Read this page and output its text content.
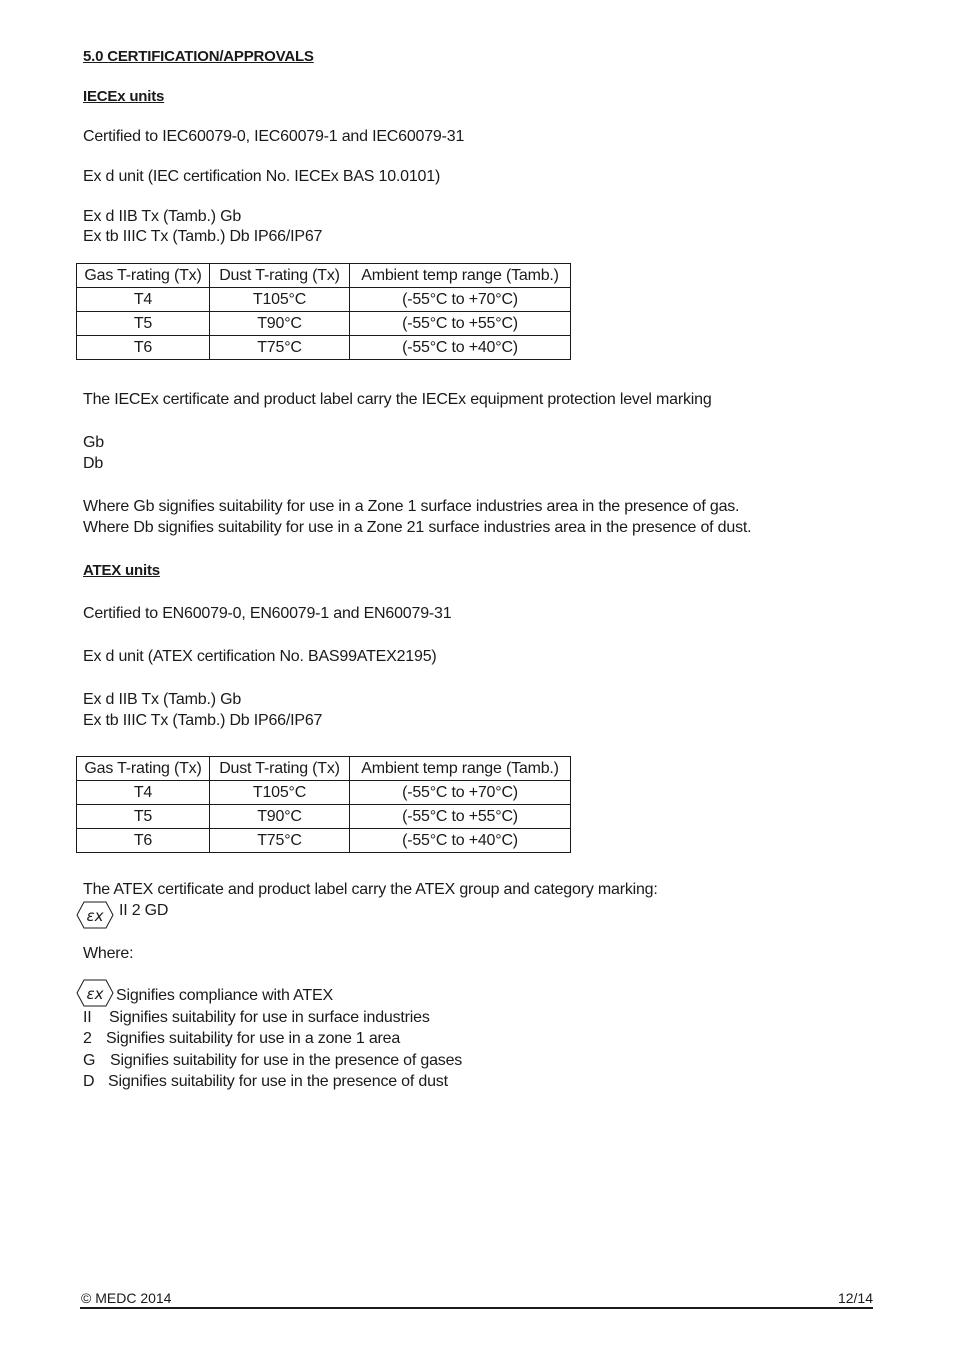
5.0 CERTIFICATION/APPROVALS
IECEx units
Certified to IEC60079-0, IEC60079-1 and IEC60079-31
Ex d unit (IEC certification No. IECEx BAS 10.0101)
Ex d IIB Tx (Tamb.) Gb
Ex tb IIIC Tx (Tamb.) Db IP66/IP67
Gas T-rating (Tx)	Dust T-rating (Tx)	Ambient temp range (Tamb.)
T4	T105°C	(-55°C to +70°C)
T5	T90°C	(-55°C to +55°C)
T6	T75°C	(-55°C to +40°C)
The IECEx certificate and product label carry the IECEx equipment protection level marking
Gb
Db
Where Gb signifies suitability for use in a Zone 1 surface industries area in the presence of gas.
Where Db signifies suitability for use in a Zone 21 surface industries area in the presence of dust.
ATEX units
Certified to EN60079-0, EN60079-1 and EN60079-31
Ex d unit (ATEX certification No. BAS99ATEX2195)
Ex d IIB Tx (Tamb.) Gb
Ex tb IIIC Tx (Tamb.) Db IP66/IP67
Gas T-rating (Tx)	Dust T-rating (Tx)	Ambient temp range (Tamb.)
T4	T105°C	(-55°C to +70°C)
T5	T90°C	(-55°C to +55°C)
T6	T75°C	(-55°C to +40°C)
The ATEX certificate and product label carry the ATEX group and category marking:
εx II 2 GD
Where:
εx Signifies compliance with ATEX
II Signifies suitability for use in surface industries
2 Signifies suitability for use in a zone 1 area
G Signifies suitability for use in the presence of gases
D Signifies suitability for use in the presence of dust
© MEDC 2014	12/14
